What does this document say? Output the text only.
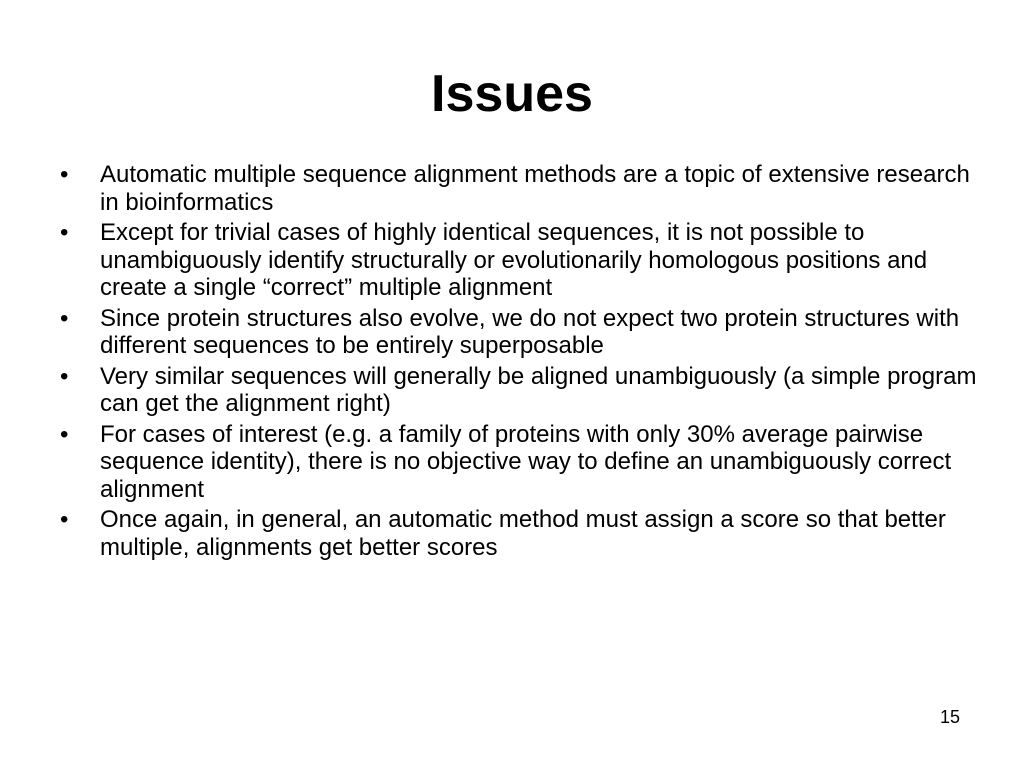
Issues
•	Automatic multiple sequence alignment methods are a topic of extensive research in bioinformatics
•	Except for trivial cases of highly identical sequences, it is not possible to unambiguously identify structurally or evolutionarily homologous positions and create a single “correct” multiple alignment
•	Since protein structures also evolve, we do not expect two protein structures with different sequences to be entirely superposable
•	Very similar sequences will generally be aligned unambiguously (a simple program can get the alignment right)
•	For cases of interest (e.g. a family of proteins with only 30% average pairwise sequence identity), there is no objective way to define an unambiguously correct alignment
•	Once again, in general, an automatic method must assign a score so that better multiple, alignments get better scores
15
